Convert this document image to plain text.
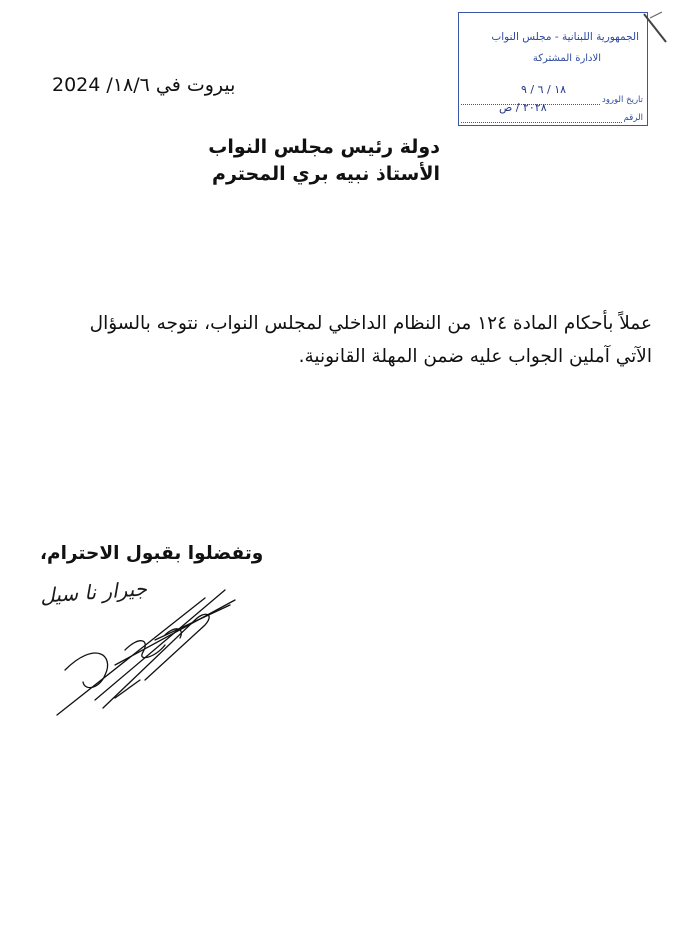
الجمهورية اللبنانية - مجلس النواب
الادارة المشتركة
تاريخ الورود
الرقم
١٨ / ٦ / ٩
٢٠٢٨ / ص
بيروت في ١٨/٦/ 2024
دولة رئيس مجلس النواب
الأستاذ نبيه بري المحترم

عملاً بأحكام المادة ١٢٤ من النظام الداخلي لمجلس النواب، نتوجه بالسؤال

الآتي آملين الجواب عليه ضمن المهلة القانونية.

وتفضلوا بقبول الاحترام،
جيرار نا سيل
